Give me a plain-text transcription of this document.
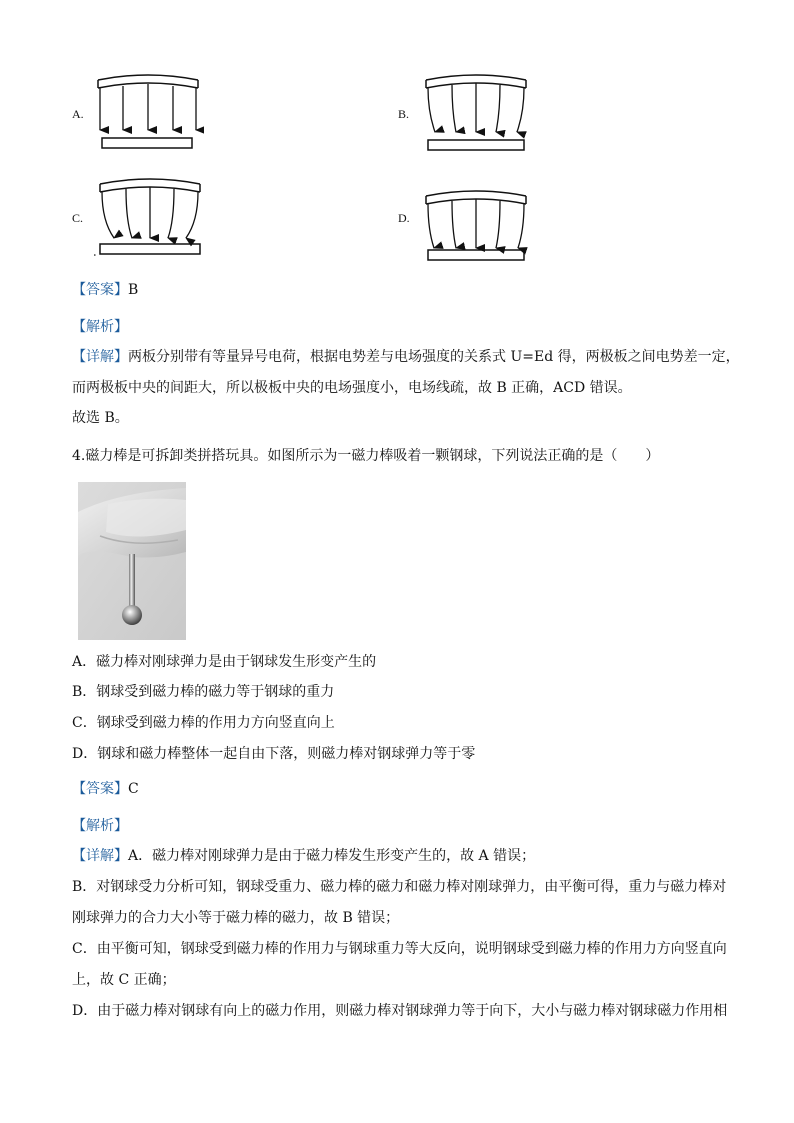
A.	B.
C.	D.
【答案】B
【解析】
【详解】两板分别带有等量异号电荷，根据电势差与电场强度的关系式 U=Ed 得，两极板之间电势差一定，
而两极板中央的间距大，所以极板中央的电场强度小，电场线疏，故 B 正确，ACD 错误。
故选 B。
4.磁力棒是可拆卸类拼搭玩具。如图所示为一磁力棒吸着一颗钢球，下列说法正确的是（　　）
A．磁力棒对刚球弹力是由于钢球发生形变产生的
B．钢球受到磁力棒的磁力等于钢球的重力
C．钢球受到磁力棒的作用力方向竖直向上
D．钢球和磁力棒整体一起自由下落，则磁力棒对钢球弹力等于零
【答案】C
【解析】
【详解】A．磁力棒对刚球弹力是由于磁力棒发生形变产生的，故 A 错误；
B．对钢球受力分析可知，钢球受重力、磁力棒的磁力和磁力棒对刚球弹力，由平衡可得，重力与磁力棒对
刚球弹力的合力大小等于磁力棒的磁力，故 B 错误；
C．由平衡可知，钢球受到磁力棒的作用力与钢球重力等大反向，说明钢球受到磁力棒的作用力方向竖直向
上，故 C 正确；
D．由于磁力棒对钢球有向上的磁力作用，则磁力棒对钢球弹力等于向下，大小与磁力棒对钢球磁力作用相
